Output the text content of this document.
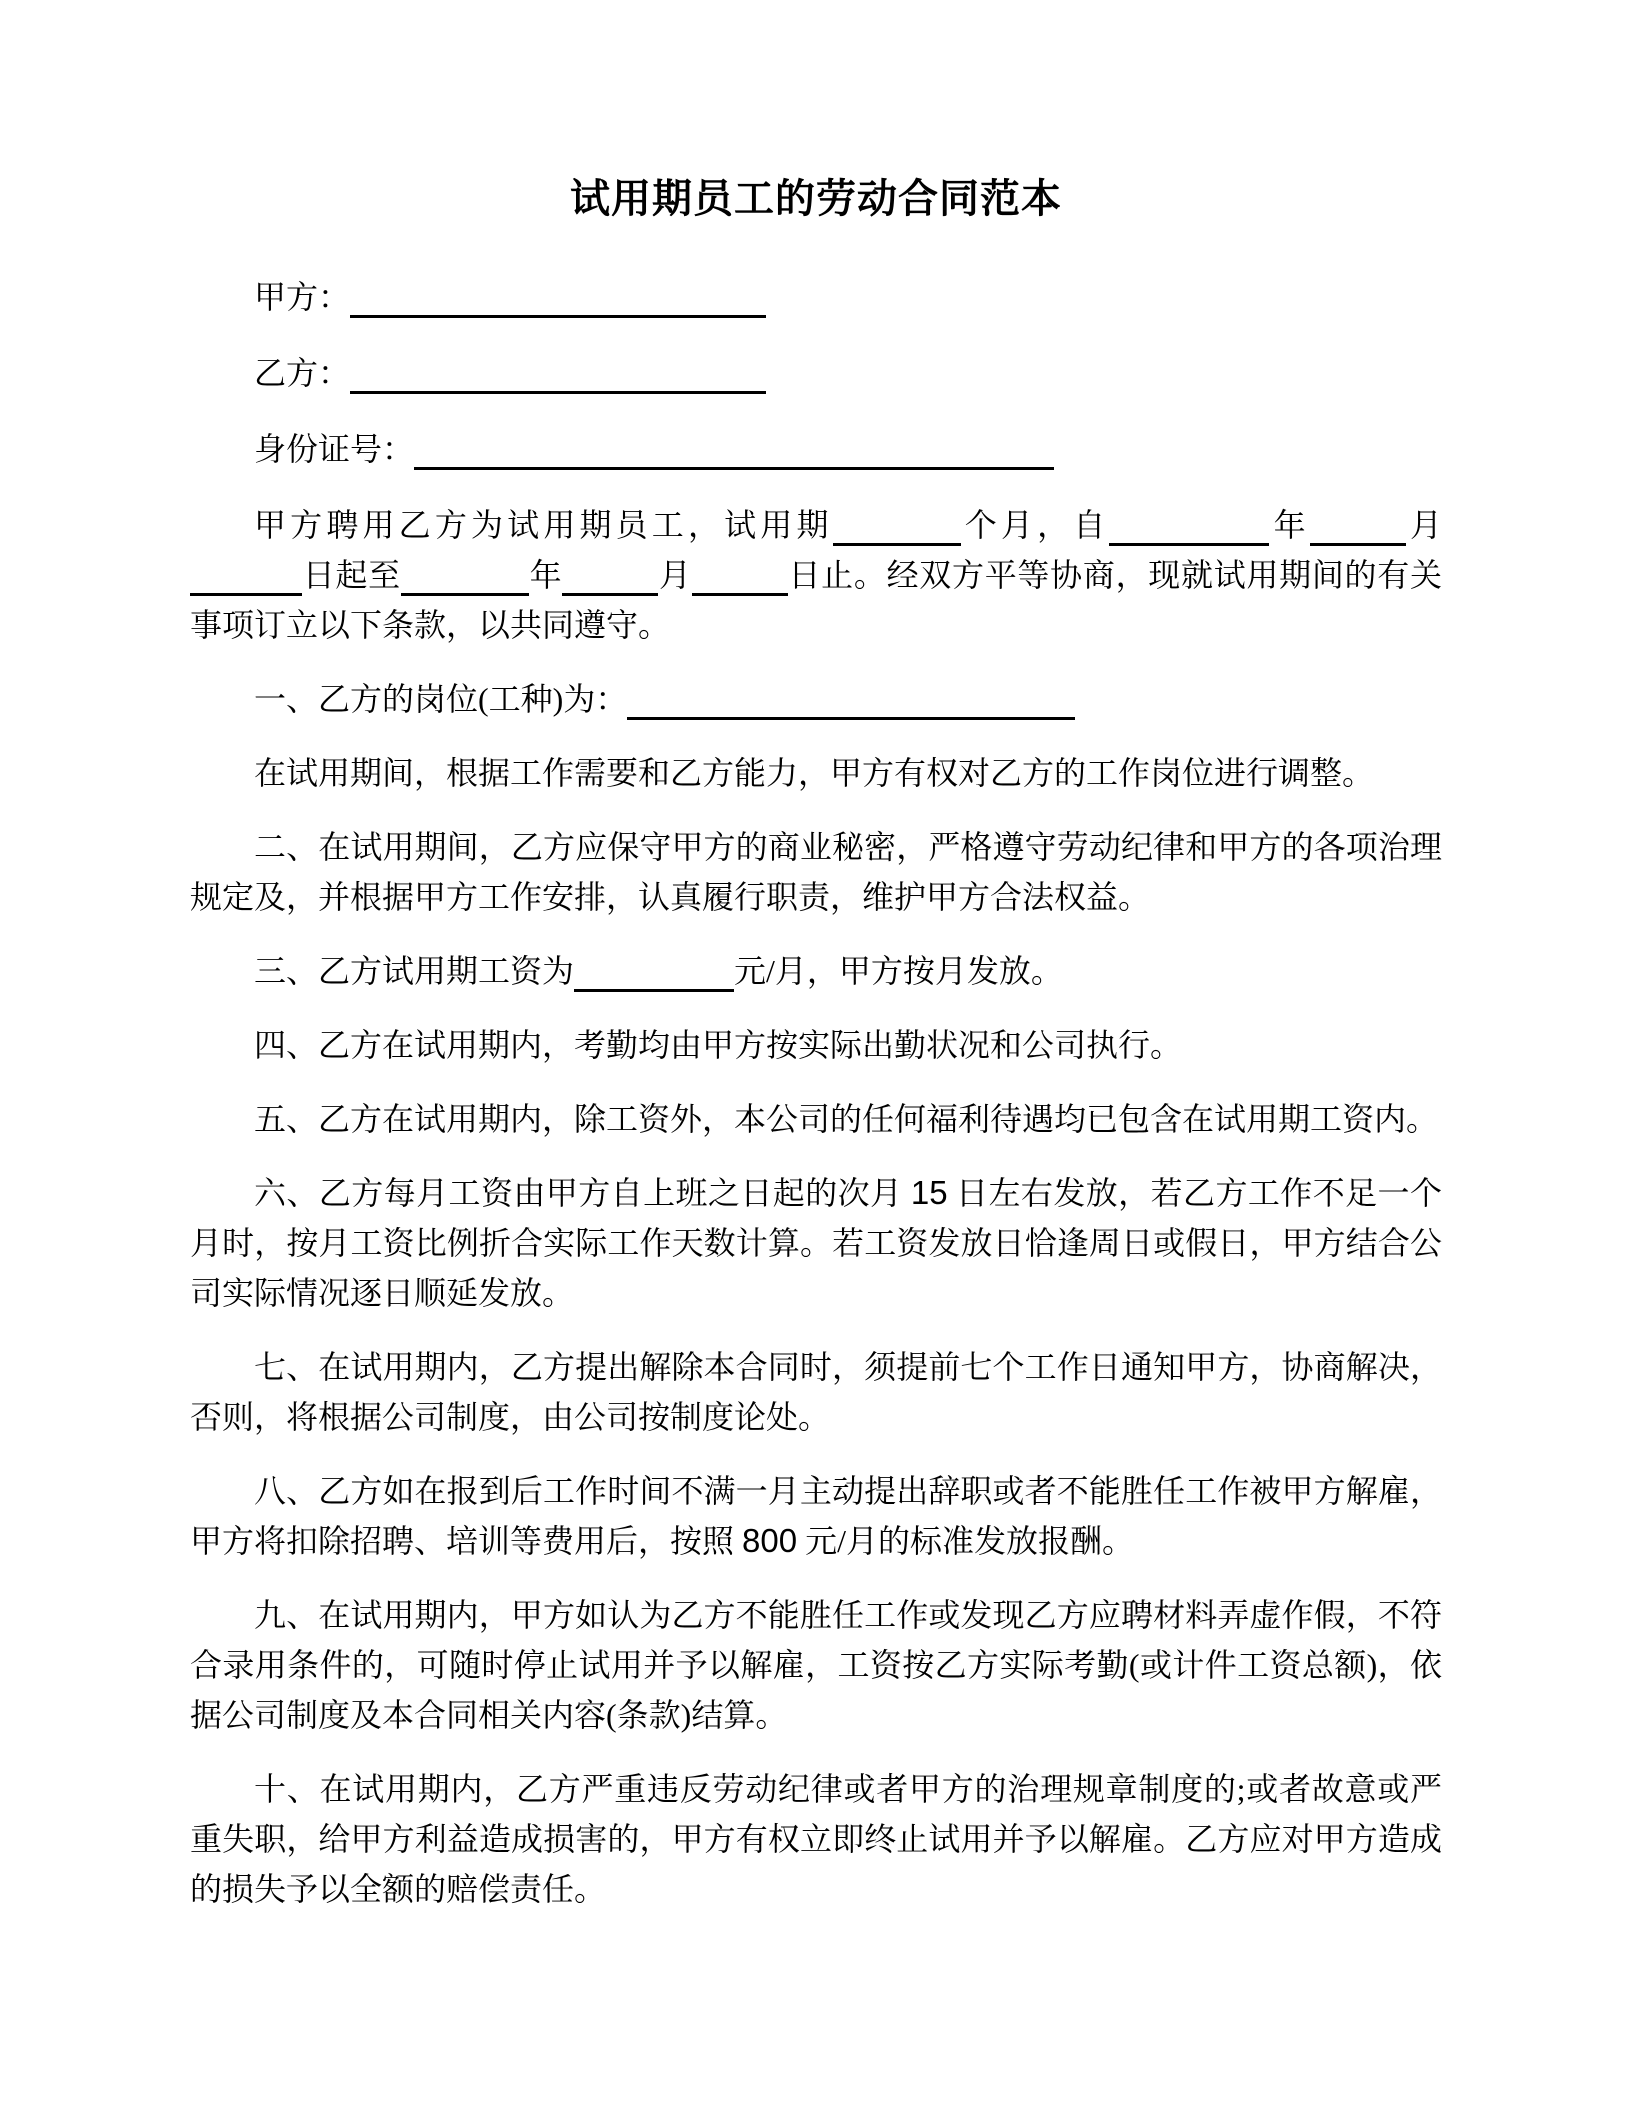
试用期员工的劳动合同范本
甲方：
乙方：
身份证号：

甲方聘用乙方为试用期员工，试用期	个月，自	年	月日起至	年	月	日止。经双方平等协商，现就试用期间的有关事项订立以下条款，以共同遵守。

一、乙方的岗位(工种)为：

在试用期间，根据工作需要和乙方能力，甲方有权对乙方的工作岗位进行调整。

二、在试用期间，乙方应保守甲方的商业秘密，严格遵守劳动纪律和甲方的各项治理规定及，并根据甲方工作安排，认真履行职责，维护甲方合法权益。

三、乙方试用期工资为	元/月，甲方按月发放。

四、乙方在试用期内，考勤均由甲方按实际出勤状况和公司执行。

五、乙方在试用期内，除工资外，本公司的任何福利待遇均已包含在试用期工资内。

六、乙方每月工资由甲方自上班之日起的次月 15 日左右发放，若乙方工作不足一个月时，按月工资比例折合实际工作天数计算。若工资发放日恰逢周日或假日，甲方结合公司实际情况逐日顺延发放。

七、在试用期内，乙方提出解除本合同时，须提前七个工作日通知甲方，协商解决，否则，将根据公司制度，由公司按制度论处。

八、乙方如在报到后工作时间不满一月主动提出辞职或者不能胜任工作被甲方解雇，甲方将扣除招聘、培训等费用后，按照 800 元/月的标准发放报酬。

九、在试用期内，甲方如认为乙方不能胜任工作或发现乙方应聘材料弄虚作假，不符合录用条件的，可随时停止试用并予以解雇，工资按乙方实际考勤(或计件工资总额)，依据公司制度及本合同相关内容(条款)结算。

十、在试用期内，乙方严重违反劳动纪律或者甲方的治理规章制度的;或者故意或严重失职，给甲方利益造成损害的，甲方有权立即终止试用并予以解雇。乙方应对甲方造成的损失予以全额的赔偿责任。
